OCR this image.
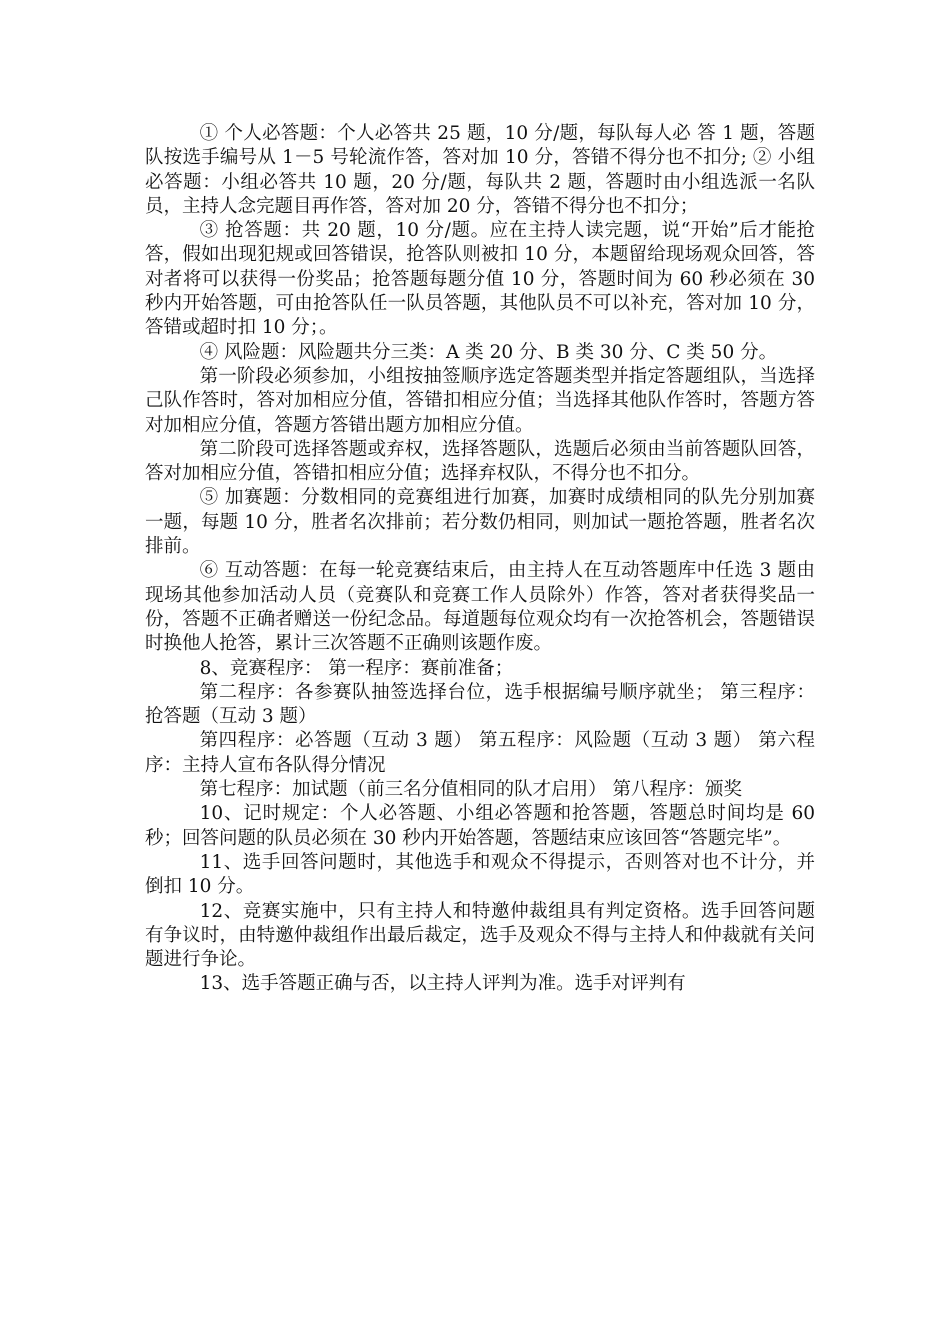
① 个人必答题：个人必答共 25 题，10 分/题，每队每人必 答 1 题，答题队按选手编号从 1－5 号轮流作答，答对加 10 分，答错不得分也不扣分; ② 小组必答题：小组必答共 10 题，20 分/题，每队共 2 题，答题时由小组选派一名队员，主持人念完题目再作答，答对加 20 分，答错不得分也不扣分；

③ 抢答题：共 20 题，10 分/题。应在主持人读完题，说“开始”后才能抢答，假如出现犯规或回答错误，抢答队则被扣 10 分，本题留给现场观众回答，答对者将可以获得一份奖品；抢答题每题分值 10 分，答题时间为 60 秒必须在 30 秒内开始答题，可由抢答队任一队员答题，其他队员不可以补充，答对加 10 分，答错或超时扣 10 分；。

④ 风险题：风险题共分三类：A 类 20 分、B 类 30 分、C 类 50 分。

第一阶段必须参加，小组按抽签顺序选定答题类型并指定答题组队，当选择己队作答时，答对加相应分值，答错扣相应分值；当选择其他队作答时，答题方答对加相应分值，答题方答错出题方加相应分值。

第二阶段可选择答题或弃权，选择答题队，选题后必须由当前答题队回答，答对加相应分值，答错扣相应分值；选择弃权队，不得分也不扣分。

⑤ 加赛题：分数相同的竞赛组进行加赛，加赛时成绩相同的队先分别加赛一题，每题 10 分，胜者名次排前；若分数仍相同，则加试一题抢答题，胜者名次排前。

⑥ 互动答题：在每一轮竞赛结束后，由主持人在互动答题库中任选 3 题由现场其他参加活动人员（竞赛队和竞赛工作人员除外）作答，答对者获得奖品一份，答题不正确者赠送一份纪念品。每道题每位观众均有一次抢答机会，答题错误时换他人抢答，累计三次答题不正确则该题作废。

8、竞赛程序： 第一程序：赛前准备；

第二程序：各参赛队抽签选择台位，选手根据编号顺序就坐； 第三程序：抢答题（互动 3 题）

第四程序：必答题（互动 3 题） 第五程序：风险题（互动 3 题） 第六程序：主持人宣布各队得分情况

第七程序：加试题（前三名分值相同的队才启用） 第八程序：颁奖

10、记时规定：个人必答题、小组必答题和抢答题，答题总时间均是 60 秒；回答问题的队员必须在 30 秒内开始答题，答题结束应该回答“答题完毕”。

11、选手回答问题时，其他选手和观众不得提示，否则答对也不计分，并倒扣 10 分。

12、竞赛实施中，只有主持人和特邀仲裁组具有判定资格。选手回答问题有争议时，由特邀仲裁组作出最后裁定，选手及观众不得与主持人和仲裁就有关问题进行争论。

13、选手答题正确与否，以主持人评判为准。选手对评判有
